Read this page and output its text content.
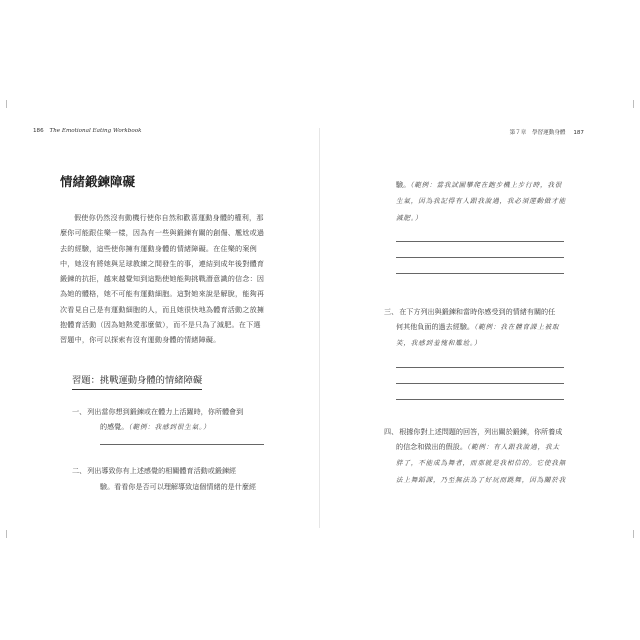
186 The Emotional Eating Workbook
情緒鍛鍊障礙
假使你仍然沒有動機行使你自然和歡喜運動身體的權利，那
麼你可能跟住樂一樣，因為有一些與鍛鍊有關的創傷、尷尬或過
去的經驗，這些使你擁有運動身體的情緒障礙。在住樂的案例
中，她沒有將她與足球教練之間發生的事，連結到成年後對體育
鍛鍊的抗拒，越來越覺知到這點使她能夠挑戰潛意識的信念：因
為她的體格，她不可能有運動細胞。這對她來說是解脫，能夠再
次看見自己是有運動細胞的人，而且她很快地為體育活動之放擁
抱體育活動（因為她熱愛那麼做），而不是只為了減肥。在下選
習題中，你可以探索有沒有運動身體的情緒障礙。
習題：挑戰運動身體的情緒障礙
一、列出當你想到鍛鍊或在體力上活躍時，你所體會到
的感覺。（範例：我感到很生氣。）
二、列出導致你有上述感覺的相關體育活動或鍛鍊經
驗。看看你是否可以理解導致這個情緒的是什麼經
第７章　學習運動身體 187
驗。（範例：當我試圖攀爬在跑步機上步行時，我很
生氣，因為我記得有人跟我說過，我必須運動做才能
減肥。）
三、在下方列出與鍛鍊和當時你感受到的情緒有關的任
何其他負面的過去經驗。（範例：我在體育課上被取
笑，我感到羞愧和尷尬。）
四、根據你對上述問題的回答，列出關於鍛鍊，你所養成
的信念和做出的假設。（範例：有人跟我說過，我太
胖了，不能成為舞者，而那就是我相信的。它使我無
法上舞蹈課，乃至無法為了好玩而跳舞，因為關於我
